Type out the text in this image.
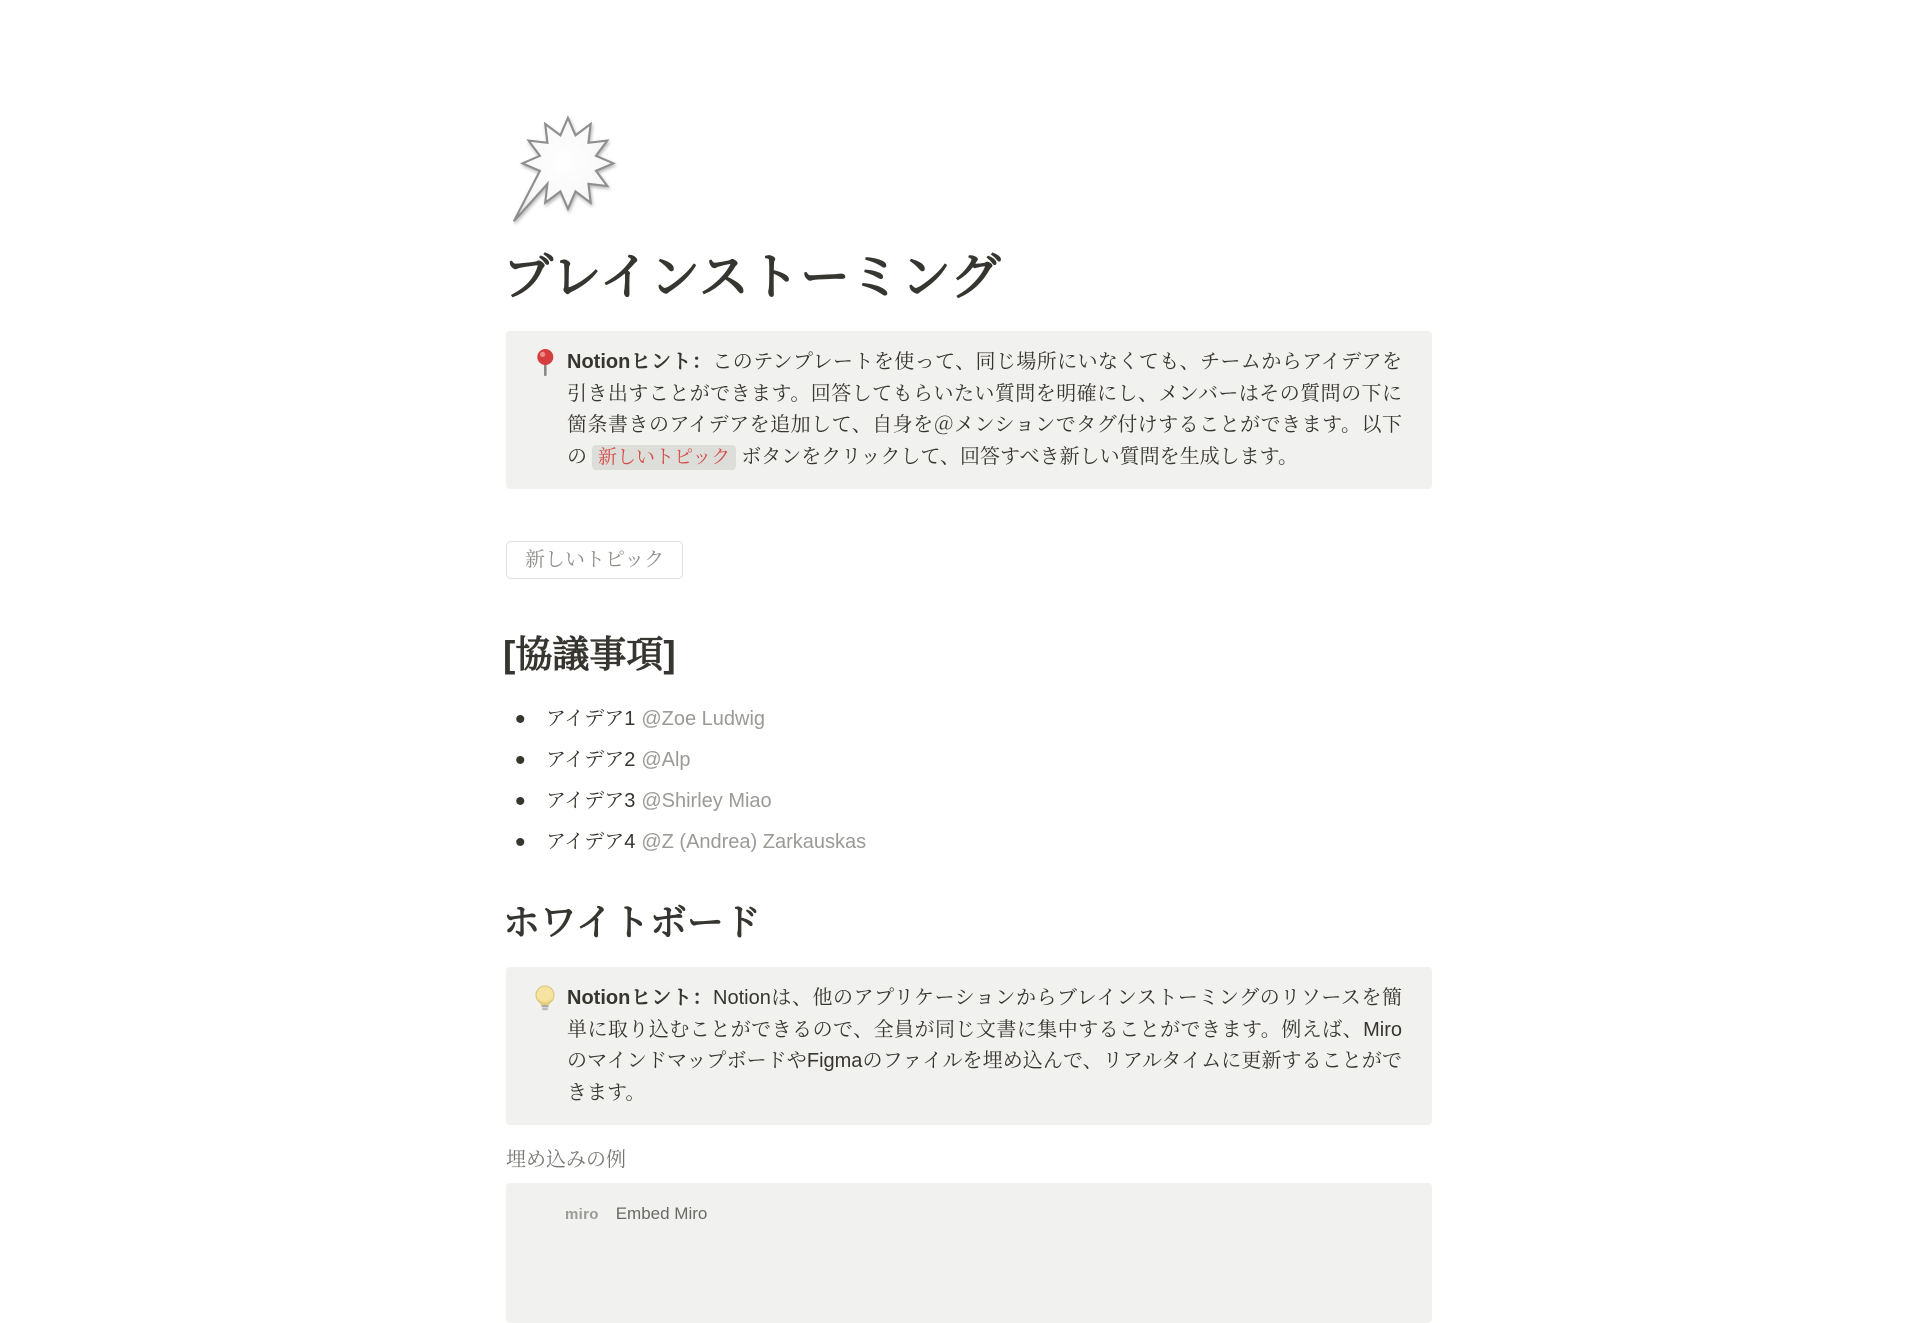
ブレインストーミング
Notionヒント：このテンプレートを使って、同じ場所にいなくても、チームからアイデアを引き出すことができます。回答してもらいたい質問を明確にし、メンバーはその質問の下に箇条書きのアイデアを追加して、自身を＠メンションでタグ付けすることができます。以下の 新しいトピック ボタンをクリックして、回答すべき新しい質問を生成します。
新しいトピック
[協議事項]
• アイデア1 @Zoe Ludwig
• アイデア2 @Alp
• アイデア3 @Shirley Miao
• アイデア4 @Z (Andrea) Zarkauskas
ホワイトボード
Notionヒント：Notionは、他のアプリケーションからブレインストーミングのリソースを簡単に取り込むことができるので、全員が同じ文書に集中することができます。例えば、MiroのマインドマップボードやFigmaのファイルを埋め込んで、リアルタイムに更新することができます。
埋め込みの例
miro Embed Miro
